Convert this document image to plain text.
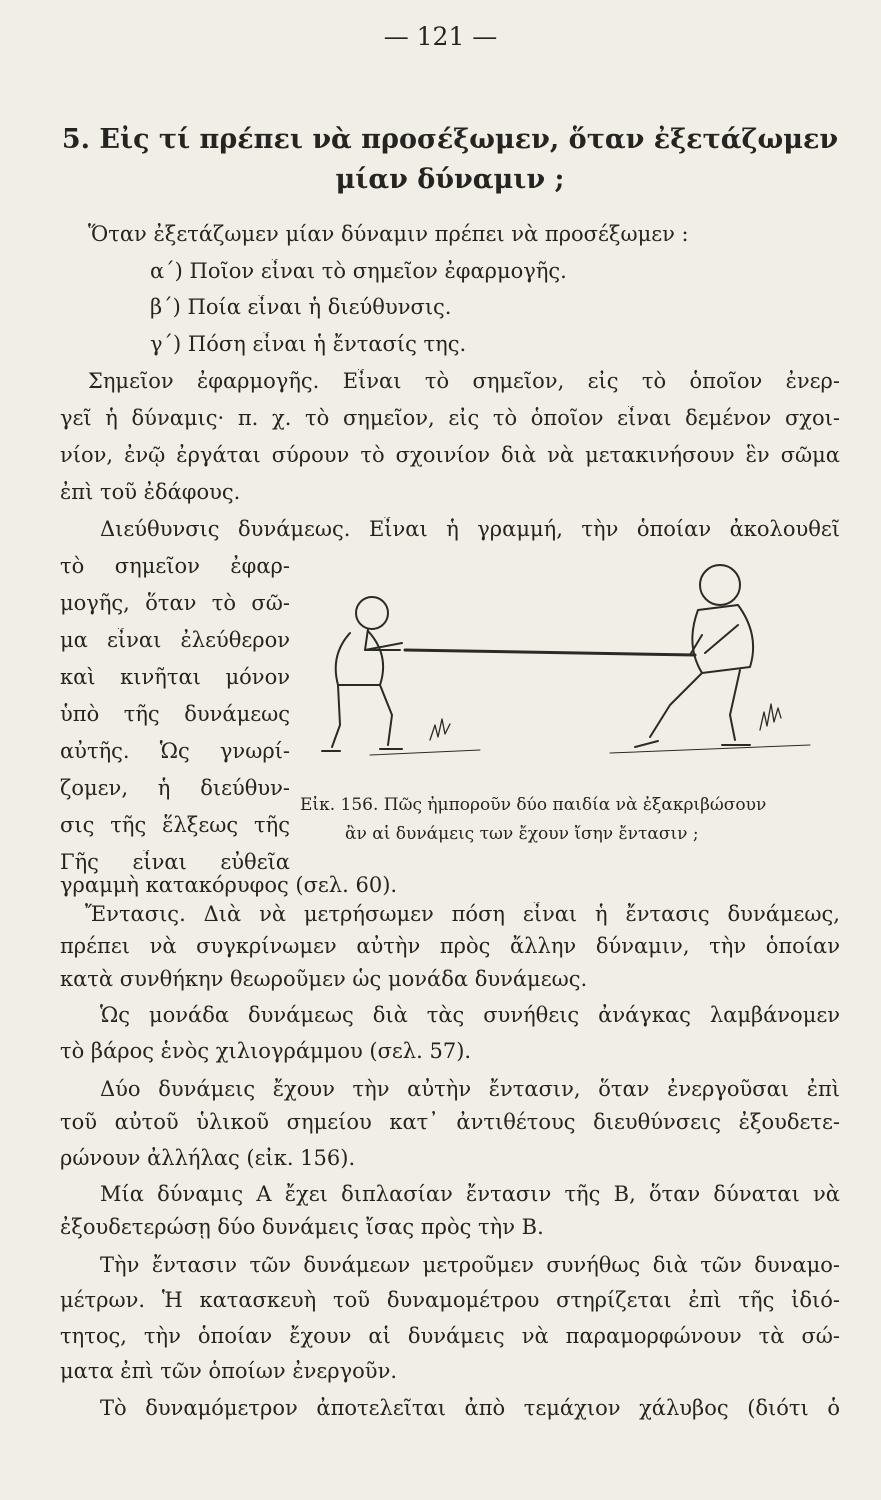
— 121 —
5. Εἰς τί πρέπει νὰ προσέξωμεν, ὅταν ἐξετάζωμεν
μίαν δύναμιν ;
Ὅταν ἐξετάζωμεν μίαν δύναμιν πρέπει νὰ προσέξωμεν :
α΄) Ποῖον εἶναι τὸ σημεῖον ἐφαρμογῆς.
β΄) Ποία εἶναι ἡ διεύθυνσις.
γ΄) Πόση εἶναι ἡ ἔντασίς της.
Σημεῖον ἐφαρμογῆς. Εἶναι τὸ σημεῖον, εἰς τὸ ὁποῖον ἐνερ-
γεῖ ἡ δύναμις· π. χ. τὸ σημεῖον, εἰς τὸ ὁποῖον εἶναι δεμένον σχοι-
νίον, ἐνῷ ἐργάται σύρουν τὸ σχοινίον διὰ νὰ μετακινήσουν ἓν σῶμα
ἐπὶ τοῦ ἐδάφους.
Διεύθυνσις δυνάμεως. Εἶναι ἡ γραμμή, τὴν ὁποίαν ἀκολουθεῖ
τὸ σημεῖον ἐφαρ-
μογῆς, ὅταν τὸ σῶ-
μα εἶναι ἐλεύθερον
καὶ κινῆται μόνον
ὑπὸ τῆς δυνάμεως
αὐτῆς. Ὡς γνωρί-
ζομεν, ἡ διεύθυν-
σις τῆς ἕλξεως τῆς
Γῆς εἶναι εὐθεῖα
Εἰκ. 156. Πῶς ἠμποροῦν δύο παιδία νὰ ἐξακριβώσουν
ἂν αἱ δυνάμεις των ἔχουν ἴσην ἔντασιν ;
γραμμὴ κατακόρυφος (σελ. 60).
Ἔντασις. Διὰ νὰ μετρήσωμεν πόση εἶναι ἡ ἔντασις δυνάμεως,
πρέπει νὰ συγκρίνωμεν αὐτὴν πρὸς ἄλλην δύναμιν, τὴν ὁποίαν
κατὰ συνθήκην θεωροῦμεν ὡς μονάδα δυνάμεως.
Ὡς μονάδα δυνάμεως διὰ τὰς συνήθεις ἀνάγκας λαμβάνομεν
τὸ βάρος ἑνὸς χιλιογράμμου (σελ. 57).
Δύο δυνάμεις ἔχουν τὴν αὐτὴν ἔντασιν, ὅταν ἐνεργοῦσαι ἐπὶ
τοῦ αὐτοῦ ὑλικοῦ σημείου κατ᾿ ἀντιθέτους διευθύνσεις ἐξουδετε-
ρώνουν ἀλλήλας (εἰκ. 156).
Μία δύναμις Α ἔχει διπλασίαν ἔντασιν τῆς Β, ὅταν δύναται νὰ
ἐξουδετερώσῃ δύο δυνάμεις ἴσας πρὸς τὴν Β.
Τὴν ἔντασιν τῶν δυνάμεων μετροῦμεν συνήθως διὰ τῶν δυναμο-
μέτρων. Ἡ κατασκευὴ τοῦ δυναμομέτρου στηρίζεται ἐπὶ τῆς ἰδιό-
τητος, τὴν ὁποίαν ἔχουν αἱ δυνάμεις νὰ παραμορφώνουν τὰ σώ-
ματα ἐπὶ τῶν ὁποίων ἐνεργοῦν.
Τὸ δυναμόμετρον ἀποτελεῖται ἀπὸ τεμάχιον χάλυβος (διότι ὁ
